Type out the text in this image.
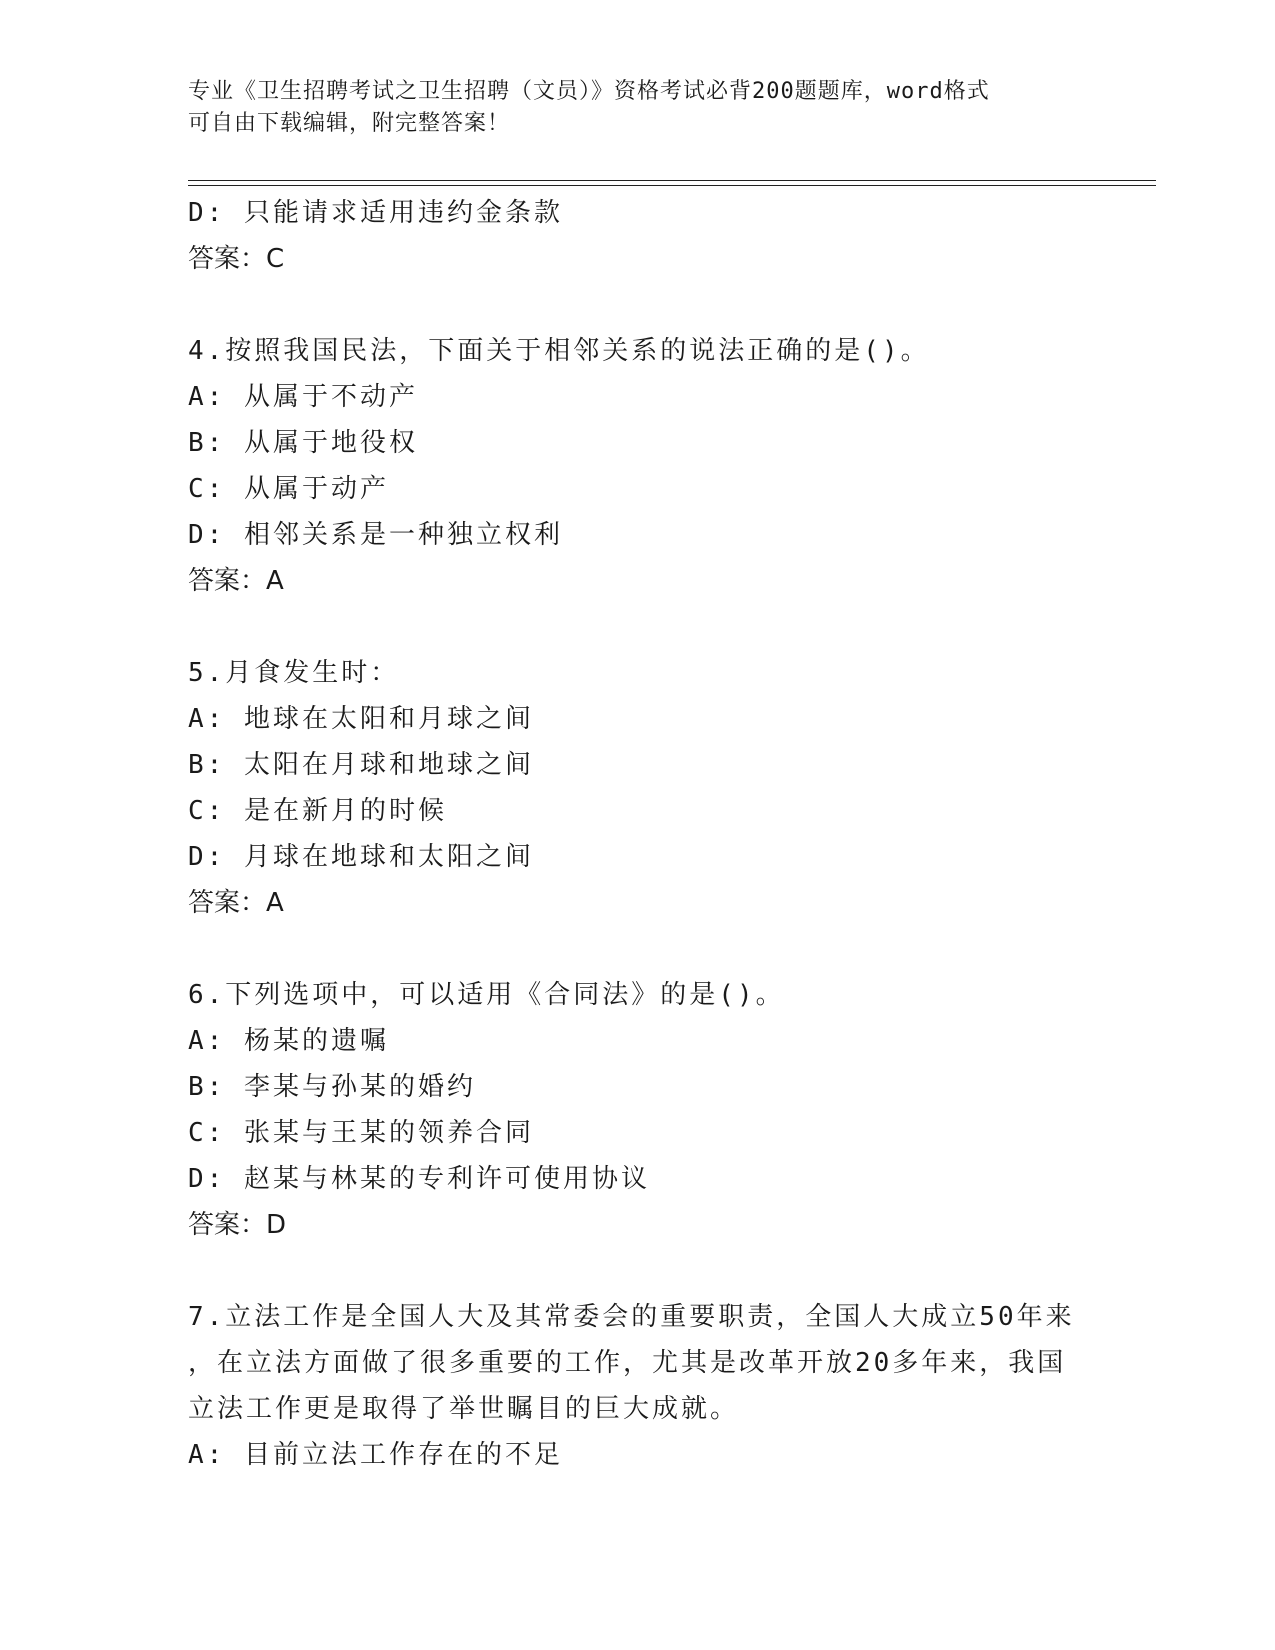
专业《卫生招聘考试之卫生招聘（文员）》资格考试必背200题题库，word格式
可自由下载编辑，附完整答案！
D: 只能请求适用违约金条款
答案：C
4.按照我国民法，下面关于相邻关系的说法正确的是()。
A: 从属于不动产
B: 从属于地役权
C: 从属于动产
D: 相邻关系是一种独立权利
答案：A
5.月食发生时：
A: 地球在太阳和月球之间
B: 太阳在月球和地球之间
C: 是在新月的时候
D: 月球在地球和太阳之间
答案：A
6.下列选项中，可以适用《合同法》的是()。
A: 杨某的遗嘱
B: 李某与孙某的婚约
C: 张某与王某的领养合同
D: 赵某与林某的专利许可使用协议
答案：D
7.立法工作是全国人大及其常委会的重要职责，全国人大成立50年来
，在立法方面做了很多重要的工作，尤其是改革开放20多年来，我国
立法工作更是取得了举世瞩目的巨大成就。
A: 目前立法工作存在的不足
